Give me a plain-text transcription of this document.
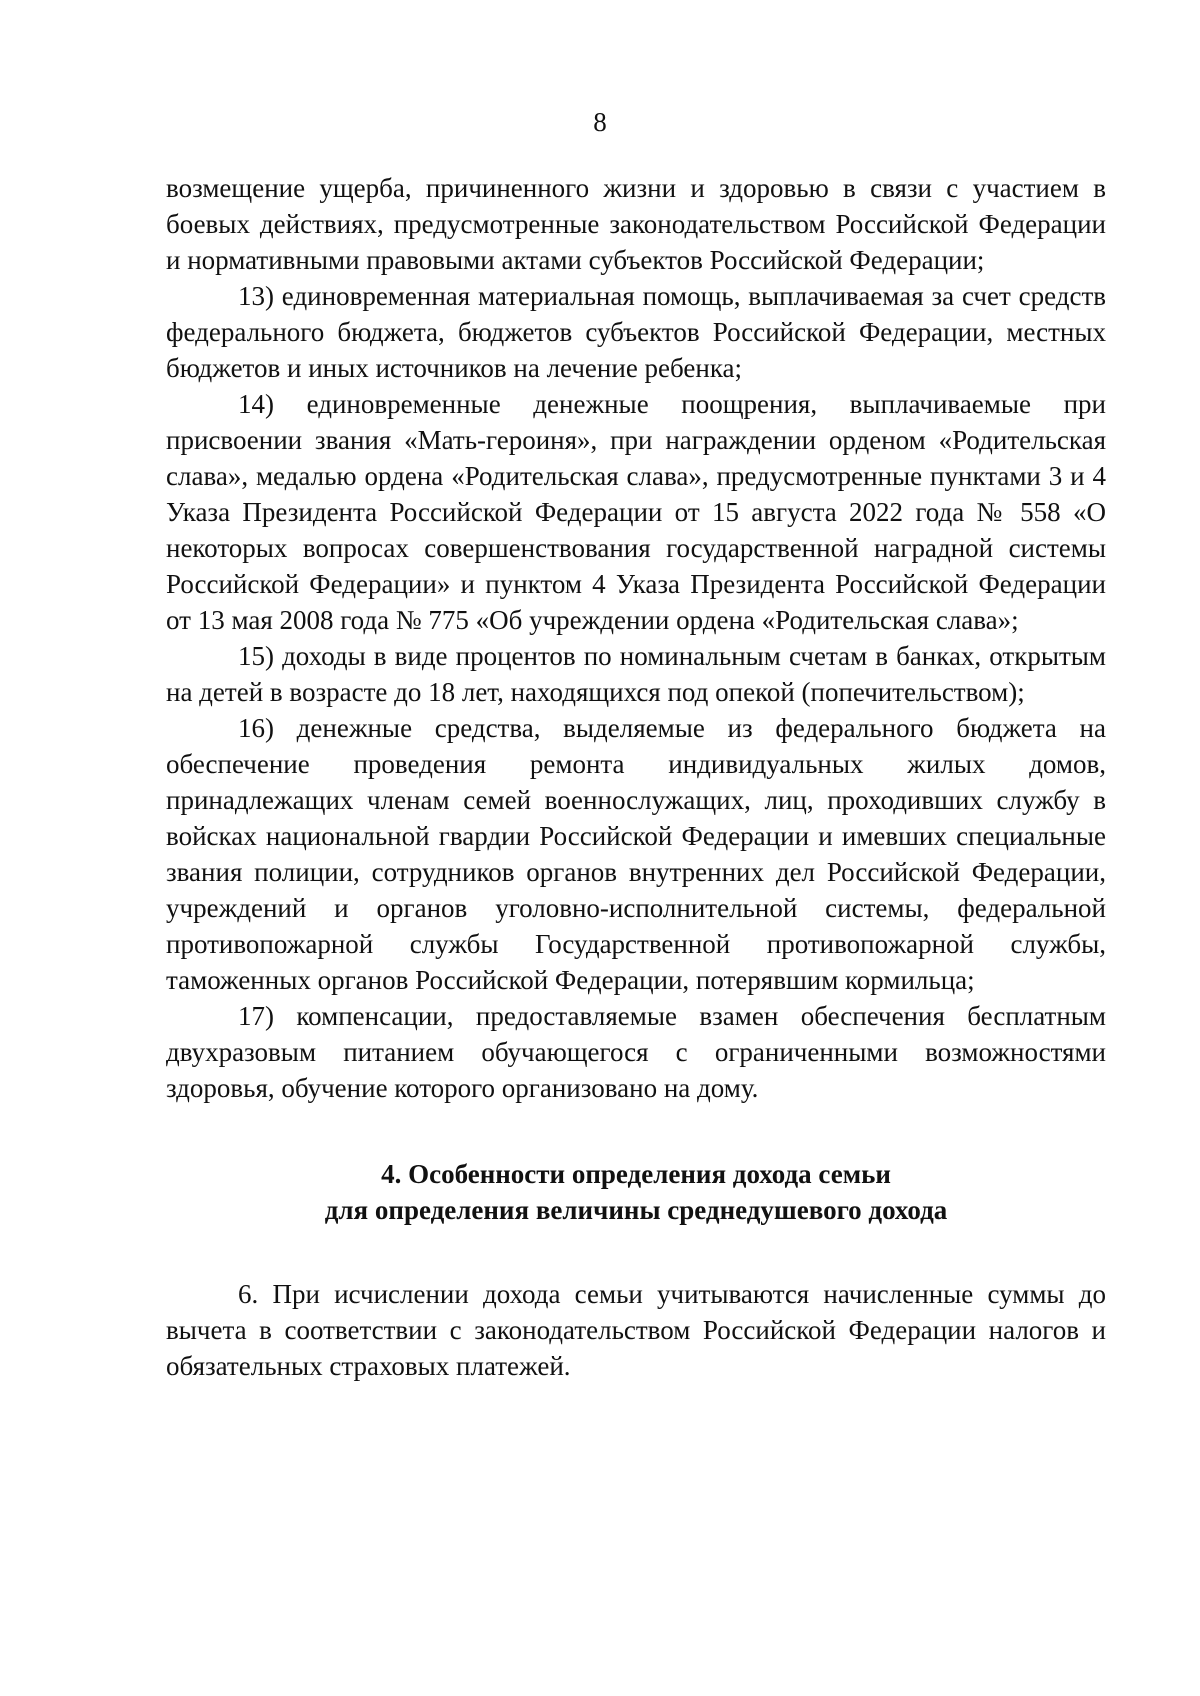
8

возмещение ущерба, причиненного жизни и здоровью в связи с участием в боевых действиях, предусмотренные законодательством Российской Федерации и нормативными правовыми актами субъектов Российской Федерации;

13) единовременная материальная помощь, выплачиваемая за счет средств федерального бюджета, бюджетов субъектов Российской Федерации, местных бюджетов и иных источников на лечение ребенка;

14) единовременные денежные поощрения, выплачиваемые при присвоении звания «Мать-героиня», при награждении орденом «Родительская слава», медалью ордена «Родительская слава», предусмотренные пунктами 3 и 4 Указа Президента Российской Федерации от 15 августа 2022 года № 558 «О некоторых вопросах совершенствования государственной наградной системы Российской Федерации» и пунктом 4 Указа Президента Российской Федерации от 13 мая 2008 года № 775 «Об учреждении ордена «Родительская слава»;

15) доходы в виде процентов по номинальным счетам в банках, открытым на детей в возрасте до 18 лет, находящихся под опекой (попечительством);

16) денежные средства, выделяемые из федерального бюджета на обеспечение проведения ремонта индивидуальных жилых домов, принадлежащих членам семей военнослужащих, лиц, проходивших службу в войсках национальной гвардии Российской Федерации и имевших специальные звания полиции, сотрудников органов внутренних дел Российской Федерации, учреждений и органов уголовно-исполнительной системы, федеральной противопожарной службы Государственной противопожарной службы, таможенных органов Российской Федерации, потерявшим кормильца;

17) компенсации, предоставляемые взамен обеспечения бесплатным двухразовым питанием обучающегося с ограниченными возможностями здоровья, обучение которого организовано на дому.

4. Особенности определения дохода семьи
для определения величины среднедушевого дохода

6. При исчислении дохода семьи учитываются начисленные суммы до вычета в соответствии с законодательством Российской Федерации налогов и обязательных страховых платежей.
